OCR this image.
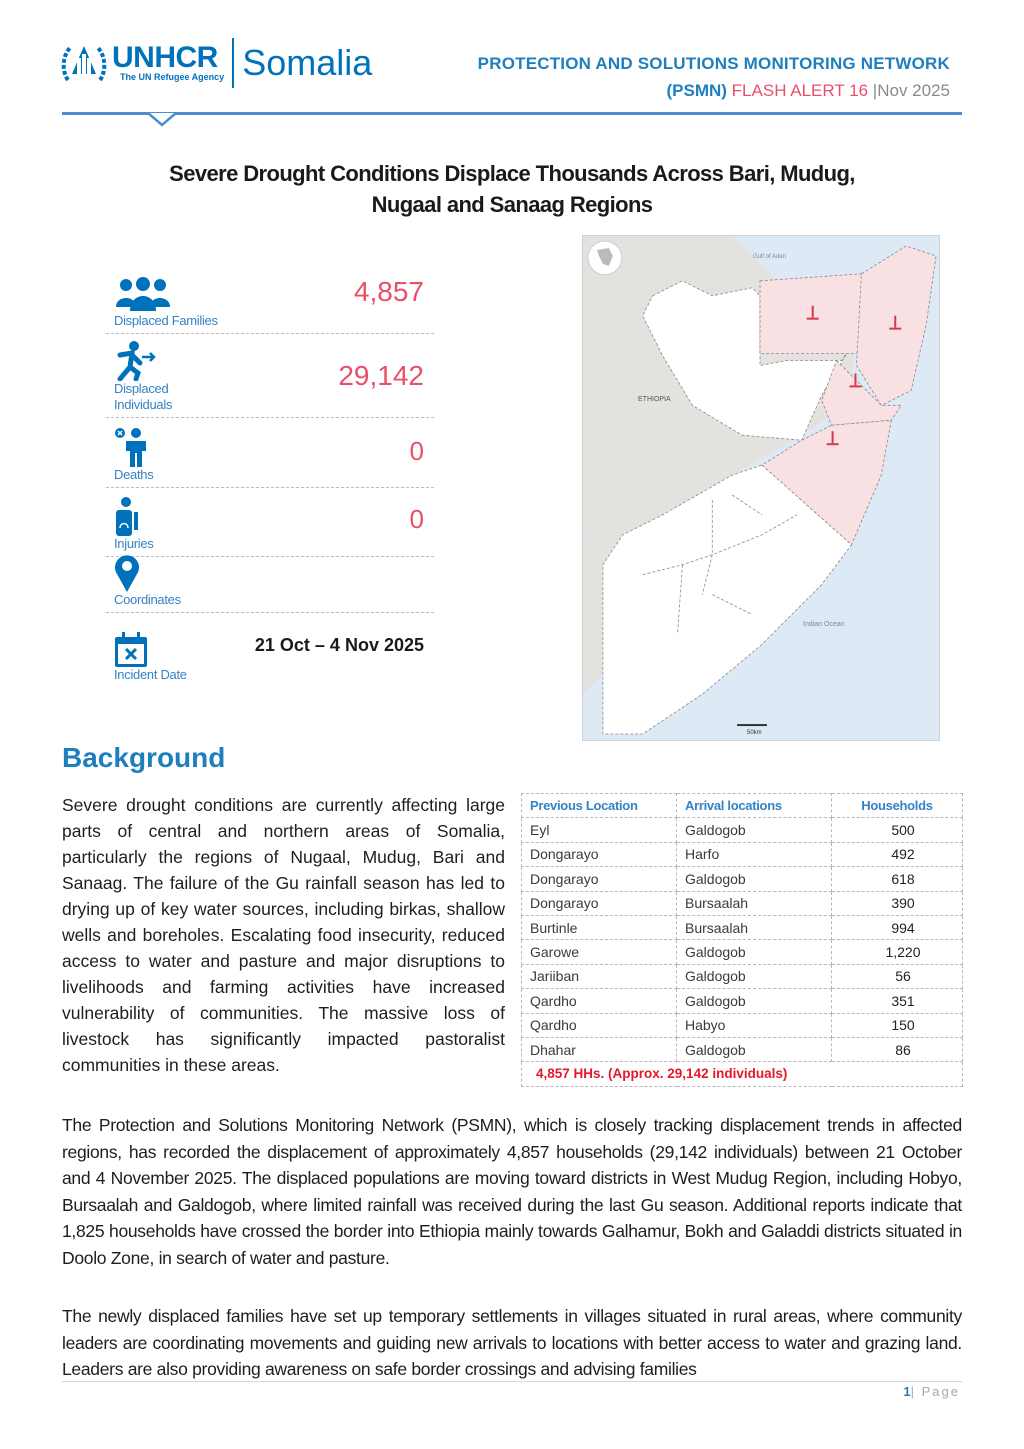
UNHCR
The UN Refugee Agency Somalia	PROTECTION AND SOLUTIONS MONITORING NETWORK
(PSMN) FLASH ALERT 16 |Nov 2025
Severe Drought Conditions Displace Thousands Across Bari, Mudug,
Nugaal and Sanaag Regions
Displaced Families
4,857
Displaced Individuals
29,142
Deaths
0
Injuries
0
Coordinates
Incident Date
21 Oct – 4 Nov 2025
Gulf of Aden
ETHIOPIA
Indian Ocean
50km
Background
Severe drought conditions are currently affecting large parts of central and northern areas of Somalia, particularly the regions of Nugaal, Mudug, Bari and Sanaag. The failure of the Gu rainfall season has led to drying up of key water sources, including birkas, shallow wells and boreholes. Escalating food insecurity, reduced access to water and pasture and major disruptions to livelihoods and farming activities have increased vulnerability of communities. The massive loss of livestock has significantly impacted pastoralist communities in these areas.
Previous Location	Arrival locations	Households
Eyl	Galdogob	500
Dongarayo	Harfo	492
Dongarayo	Galdogob	618
Dongarayo	Bursaalah	390
Burtinle	Bursaalah	994
Garowe	Galdogob	1,220
Jariiban	Galdogob	56
Qardho	Galdogob	351
Qardho	Habyo	150
Dhahar	Galdogob	86
4,857 HHs. (Approx. 29,142 individuals)		
The Protection and Solutions Monitoring Network (PSMN), which is closely tracking displacement trends in affected regions, has recorded the displacement of approximately 4,857 households (29,142 individuals) between 21 October and 4 November 2025. The displaced populations are moving toward districts in West Mudug Region, including Hobyo, Bursaalah and Galdogob, where limited rainfall was received during the last Gu season. Additional reports indicate that 1,825 households have crossed the border into Ethiopia mainly towards Galhamur, Bokh and Galaddi districts situated in Doolo Zone, in search of water and pasture.
The newly displaced families have set up temporary settlements in villages situated in rural areas, where community leaders are coordinating movements and guiding new arrivals to locations with better access to water and grazing land. Leaders are also providing awareness on safe border crossings and advising families
1| Page
